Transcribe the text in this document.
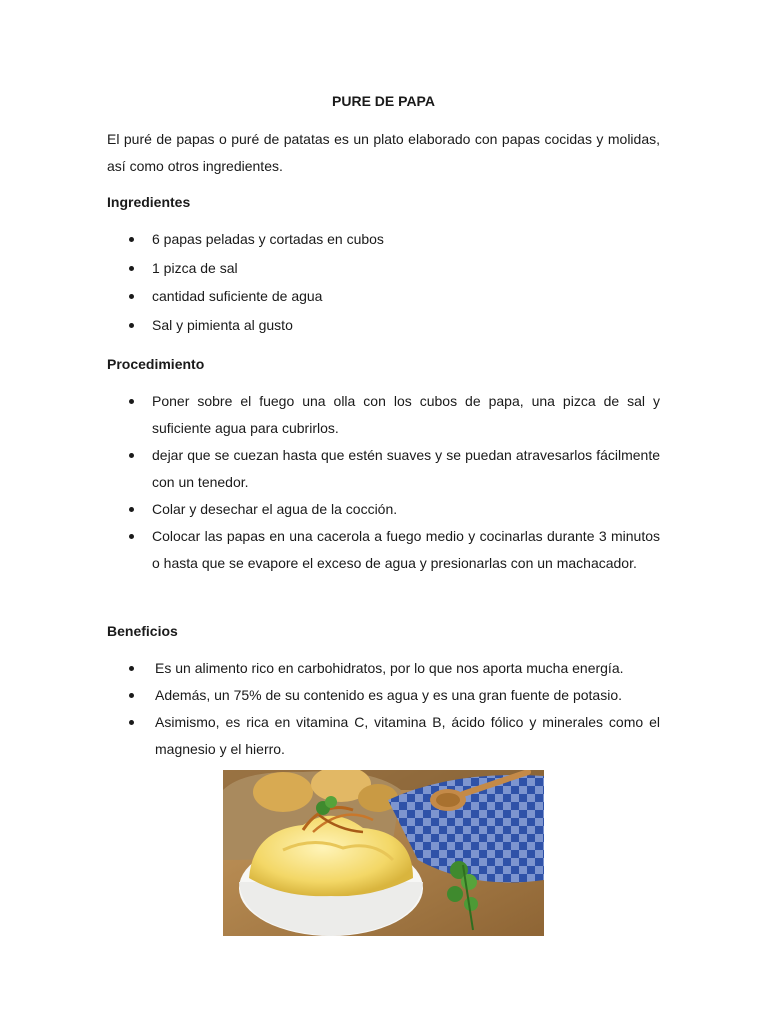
PURE DE PAPA
El puré de papas o puré de patatas es un plato elaborado con papas cocidas y molidas, así como otros ingredientes.
Ingredientes
6 papas peladas y cortadas en cubos
1 pizca de sal
cantidad suficiente de agua
Sal y pimienta al gusto
Procedimiento
Poner sobre el fuego una olla con los cubos de papa, una pizca de sal y suficiente agua para cubrirlos.
dejar que se cuezan hasta que estén suaves y se puedan atravesarlos fácilmente con un tenedor.
Colar y desechar el agua de la cocción.
Colocar las papas en una cacerola a fuego medio y cocinarlas durante 3 minutos o hasta que se evapore el exceso de agua y presionarlas con un machacador.
Beneficios
Es un alimento rico en carbohidratos, por lo que nos aporta mucha energía.
Además, un 75% de su contenido es agua y es una gran fuente de potasio.
Asimismo, es rica en vitamina C, vitamina B, ácido fólico y minerales como el magnesio y el hierro.
